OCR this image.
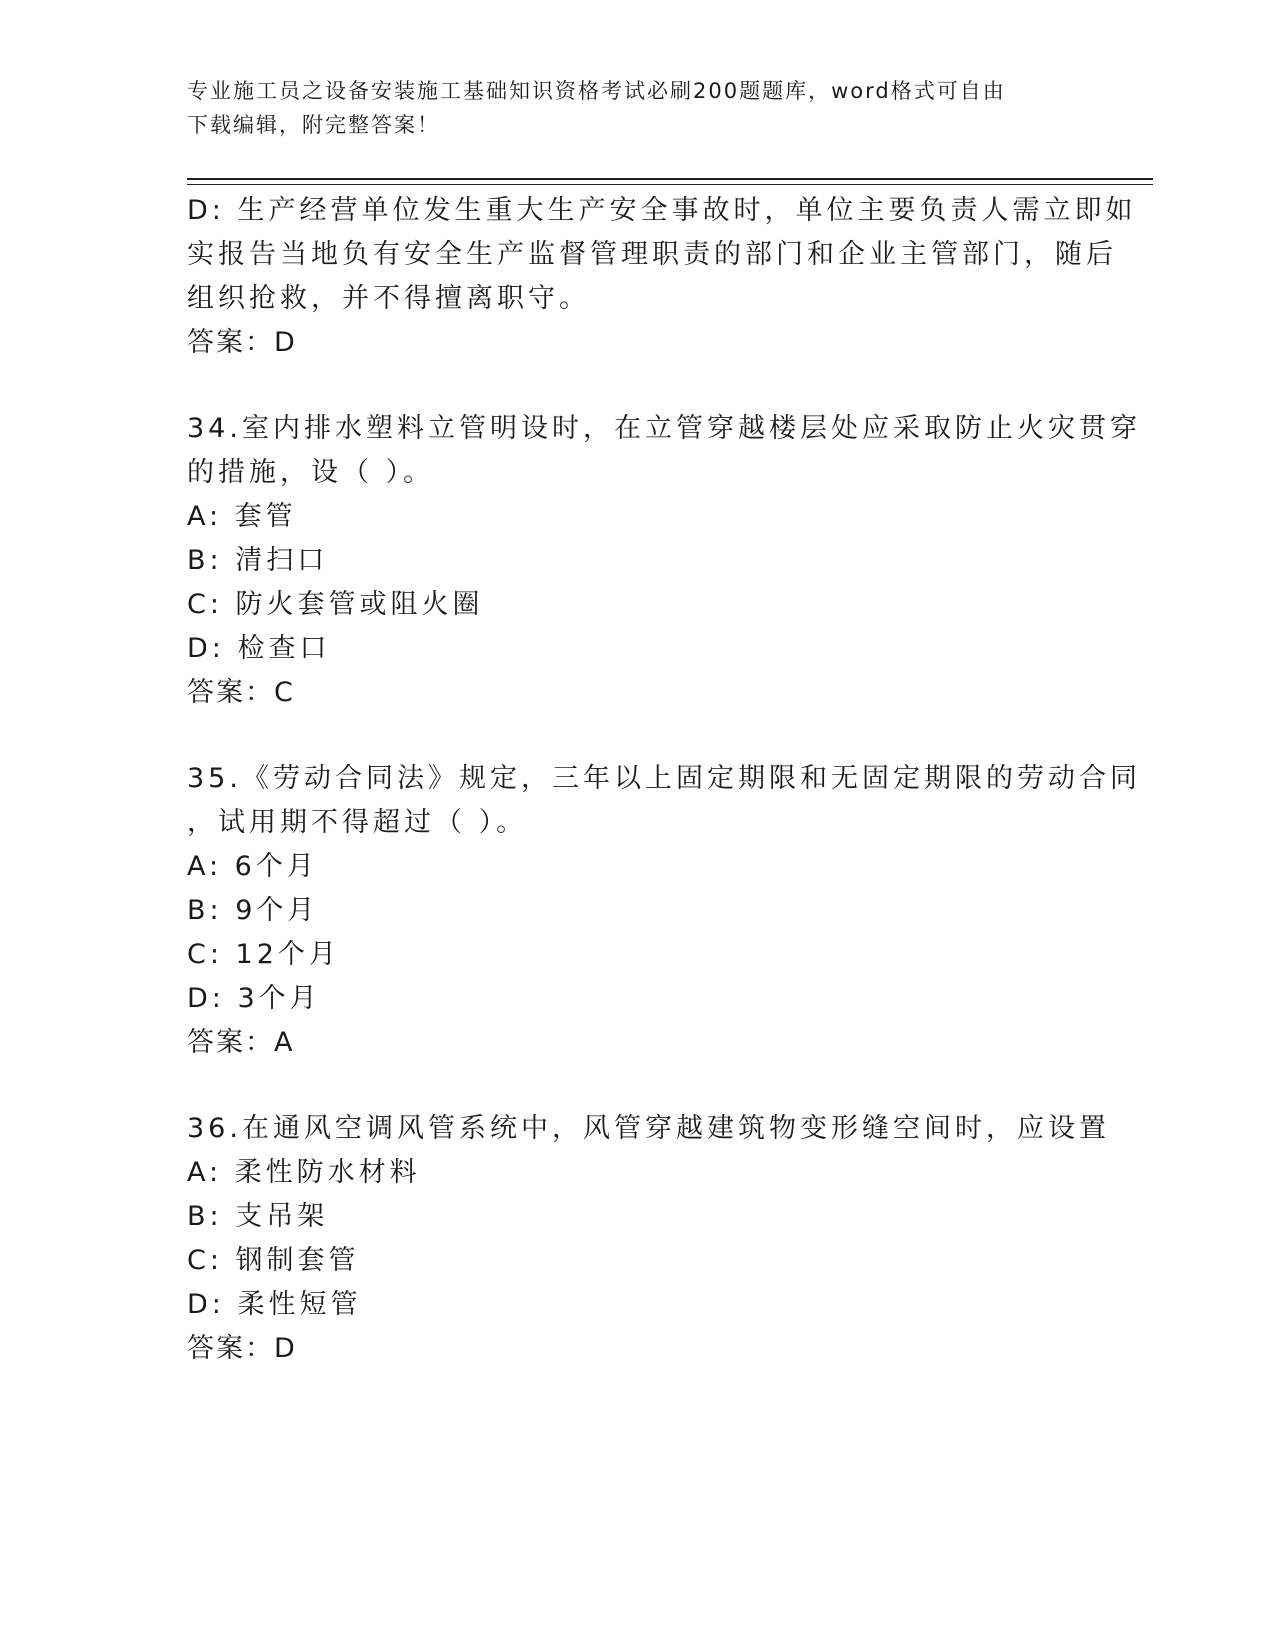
专业施工员之设备安装施工基础知识资格考试必刷200题题库，word格式可自由
下载编辑，附完整答案！
D: 生产经营单位发生重大生产安全事故时，单位主要负责人需立即如
实报告当地负有安全生产监督管理职责的部门和企业主管部门，随后
组织抢救，并不得擅离职守。
答案：D
34.室内排水塑料立管明设时，在立管穿越楼层处应采取防止火灾贯穿
的措施，设（ ）。
A: 套管
B: 清扫口
C: 防火套管或阻火圈
D: 检查口
答案：C
35.《劳动合同法》规定，三年以上固定期限和无固定期限的劳动合同
，试用期不得超过（ ）。
A: 6个月
B: 9个月
C: 12个月
D: 3个月
答案：A
36.在通风空调风管系统中，风管穿越建筑物变形缝空间时，应设置
A: 柔性防水材料
B: 支吊架
C: 钢制套管
D: 柔性短管
答案：D
